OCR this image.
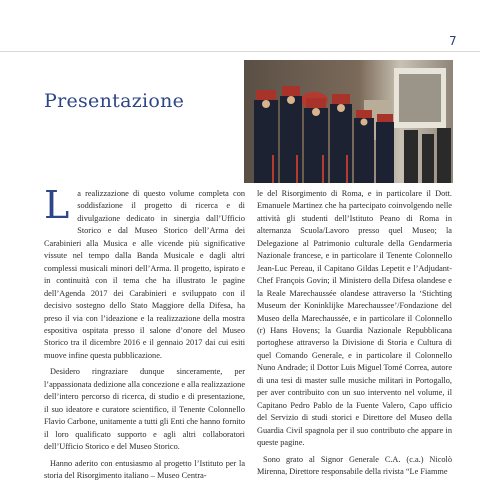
7
Presentazione

La realizzazione di questo volume completa con soddisfazione il progetto di ricerca e di divulgazione dedicato in sinergia dall’Ufficio Storico e dal Museo Storico dell’Arma dei Carabinieri alla Musica e alle vicende più significative vissute nel tempo dalla Banda Musicale e dagli altri complessi musicali minori dell’Arma. Il progetto, ispirato e in continuità con il tema che ha illustrato le pagine dell’Agenda 2017 dei Carabinieri e sviluppato con il decisivo sostegno dello Stato Maggiore della Difesa, ha preso il via con l’ideazione e la realizzazione della mostra espositiva ospitata presso il salone d’onore del Museo Storico tra il dicembre 2016 e il gennaio 2017 dai cui esiti muove infine questa pubblicazione.

Desidero ringraziare dunque sinceramente, per l’appassionata dedizione alla concezione e alla realizzazione dell’intero percorso di ricerca, di studio e di presentazione, il suo ideatore e curatore scientifico, il Tenente Colonnello Flavio Carbone, unitamente a tutti gli Enti che hanno fornito il loro qualificato supporto e agli altri collaboratori dell’Ufficio Storico e del Museo Storico.

Hanno aderito con entusiasmo al progetto l’Istituto per la storia del Risorgimento italiano – Museo Centra-

le del Risorgimento di Roma, e in particolare il Dott. Emanuele Martinez che ha partecipato coinvolgendo nelle attività gli studenti dell’Istituto Peano di Roma in alternanza Scuola/Lavoro presso quel Museo; la Delegazione al Patrimonio culturale della Gendarmeria Nazionale francese, e in particolare il Tenente Colonnello Jean-Luc Pereau, il Capitano Gildas Lepetit e l’Adjudant-Chef François Govin; il Ministero della Difesa olandese e la Reale Marechaussée olandese attraverso la ‘Stichting Museum der Koninklijke Marechaussee’/Fondazione del Museo della Marechaussée, e in particolare il Colonnello (r) Hans Hovens; la Guardia Nazionale Repubblicana portoghese attraverso la Divisione di Storia e Cultura di quel Comando Generale, e in particolare il Colonnello Nuno Andrade; il Dottor Luis Miguel Tomé Correa, autore di una tesi di master sulle musiche militari in Portogallo, per aver contribuito con un suo intervento nel volume, il Capitano Pedro Pablo de la Fuente Valero, Capo ufficio del Servizio di studi storici e Direttore del Museo della Guardia Civil spagnola per il suo contributo che appare in queste pagine.

Sono grato al Signor Generale C.A. (c.a.) Nicolò Mirenna, Direttore responsabile della rivista “Le Fiamme
